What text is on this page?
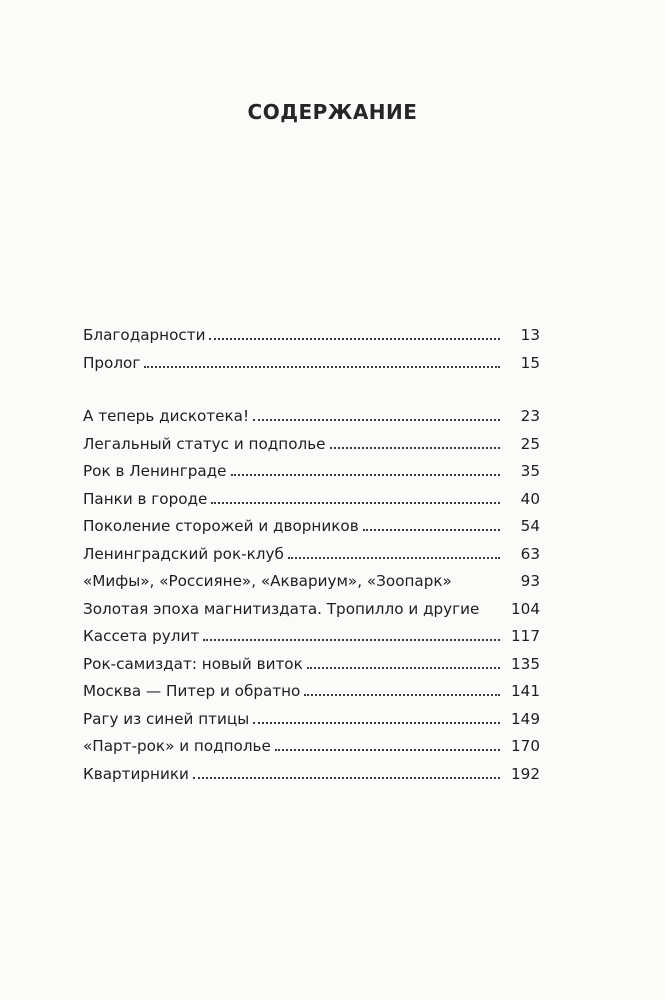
СОДЕРЖАНИЕ
Благодарности	13
Пролог	15
А теперь дискотека!	23
Легальный статус и подполье	25
Рок в Ленинграде	35
Панки в городе	40
Поколение сторожей и дворников	54
Ленинградский рок-клуб	63
«Мифы», «Россияне», «Аквариум», «Зоопарк»	93
Золотая эпоха магнитиздата. Тропилло и другие	104
Кассета рулит	117
Рок-самиздат: новый виток	135
Москва — Питер и обратно	141
Рагу из синей птицы	149
«Парт-рок» и подполье	170
Квартирники	192
